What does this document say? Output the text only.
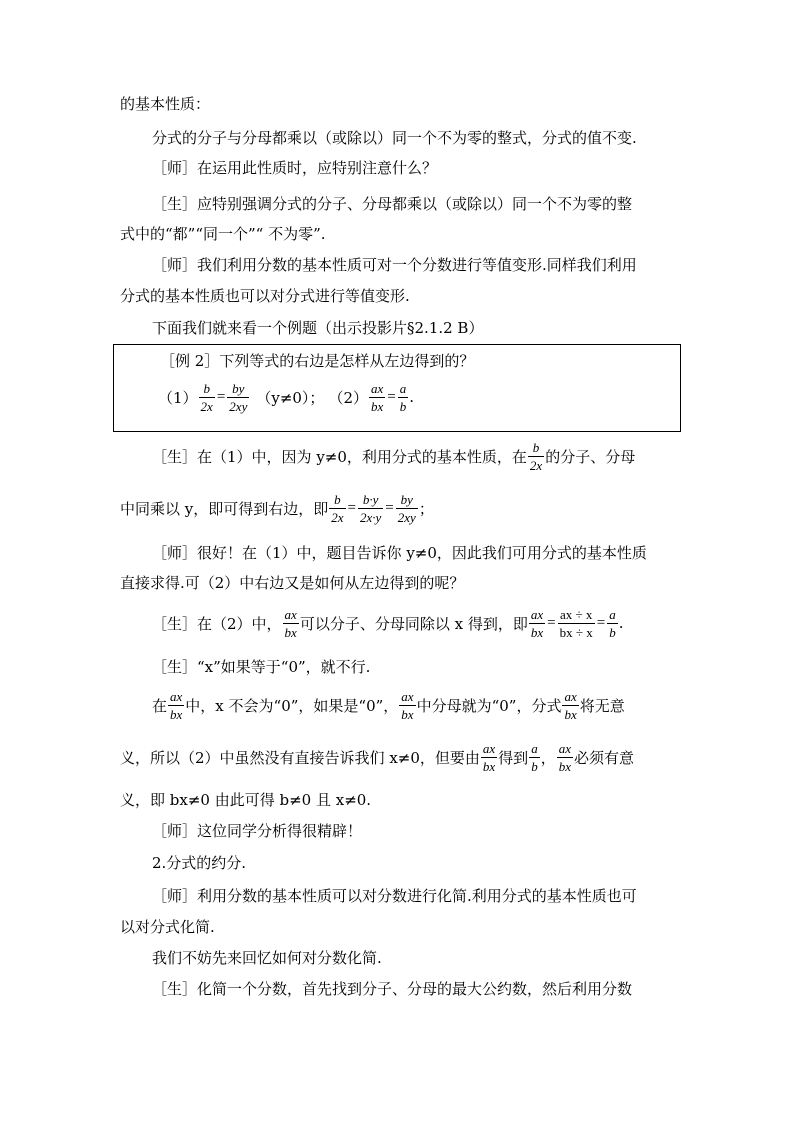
的基本性质：
分式的分子与分母都乘以（或除以）同一个不为零的整式，分式的值不变.
［师］在运用此性质时，应特别注意什么？
［生］应特别强调分式的分子、分母都乘以（或除以）同一个不为零的整
式中的“都”“同一个”“ 不为零”.
［师］我们利用分数的基本性质可对一个分数进行等值变形.同样我们利用
分式的基本性质也可以对分式进行等值变形.
下面我们就来看一个例题（出示投影片§2.1.2 B）
［例 2］下列等式的右边是怎样从左边得到的？
$(1) \frac{b}{2x} = \frac{by}{2xy} (y\ne 0)$； $(2) \frac{ax}{bx} = \frac{a}{b}$ .
［生］在（1）中，因为 y≠0，利用分式的基本性质，在 $\frac{b}{2x}$ 的分子、分母
中同乘以 y，即可得到右边，即 $\frac{b}{2x} = \frac{b\cdot y}{2x\cdot y} = \frac{by}{2xy}$ ；
［师］很好！在（1）中，题目告诉你 y≠0，因此我们可用分式的基本性质
直接求得.可（2）中右边又是如何从左边得到的呢？
［生］在（2）中， $\frac{ax}{bx}$ 可以分子、分母同除以 x 得到，即 $\frac{ax}{bx} = \frac{ax \div x}{bx \div x} = \frac{a}{b}$ .
［生］“x”如果等于“0”，就不行.
在 $\frac{ax}{bx}$ 中，x 不会为“0”，如果是“0”， $\frac{ax}{bx}$ 中分母就为“0”，分式 $\frac{ax}{bx}$ 将无意
义，所以（2）中虽然没有直接告诉我们 x≠0，但要由 $\frac{ax}{bx}$ 得到 $\frac{a}{b}$ ， $\frac{ax}{bx}$ 必须有意
义，即 bx≠0 由此可得 b≠0 且 x≠0.
［师］这位同学分析得很精辟！
2.分式的约分.
［师］利用分数的基本性质可以对分数进行化简.利用分式的基本性质也可
以对分式化简.
我们不妨先来回忆如何对分数化简.
［生］化简一个分数，首先找到分子、分母的最大公约数，然后利用分数
